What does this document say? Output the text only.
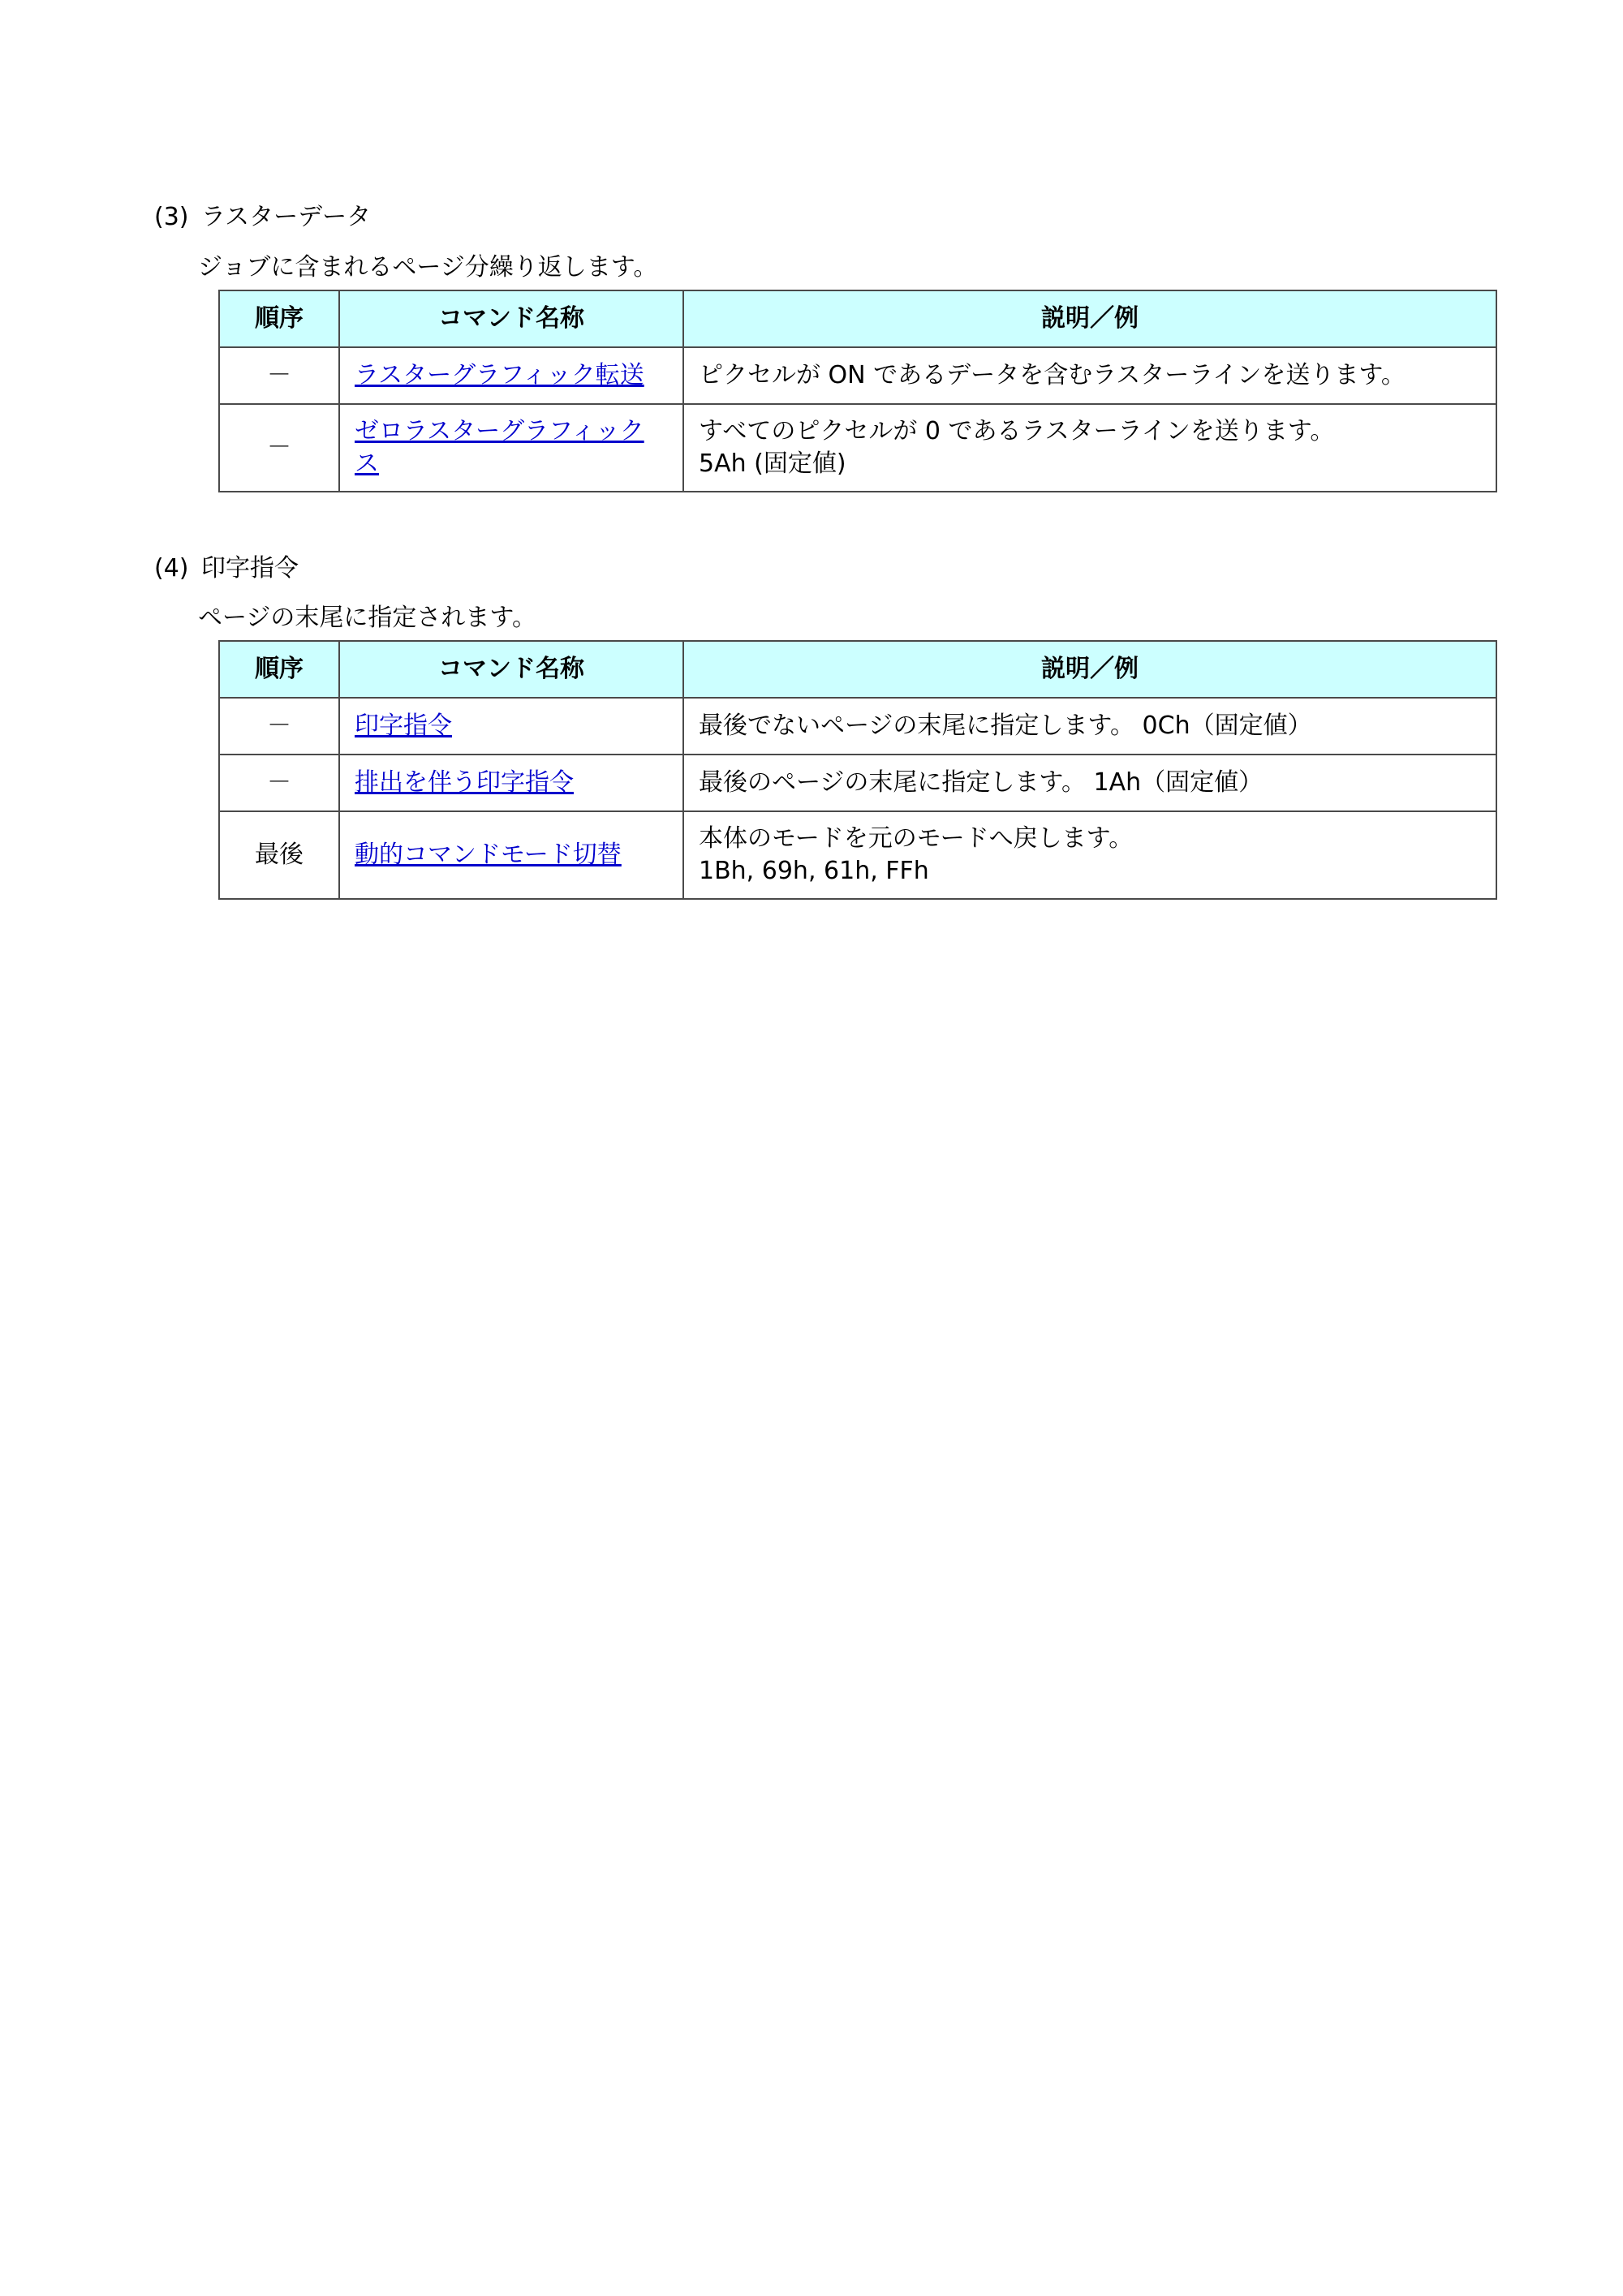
(3) ラスターデータ
ジョブに含まれるページ分繰り返します。
順序	コマンド名称	説明／例
－	ラスターグラフィック転送	ピクセルが ON であるデータを含むラスターラインを送ります。

－	ゼロラスターグラフィックス	すべてのピクセルが 0 であるラスターラインを送ります。
5Ah (固定値)
(4) 印字指令
ページの末尾に指定されます。
順序	コマンド名称	説明／例
－	印字指令	最後でないページの末尾に指定します。 0Ch（固定値）

－	排出を伴う印字指令	最後のページの末尾に指定します。 1Ah（固定値）

最後	動的コマンドモード切替	本体のモードを元のモードへ戻します。
1Bh, 69h, 61h, FFh
